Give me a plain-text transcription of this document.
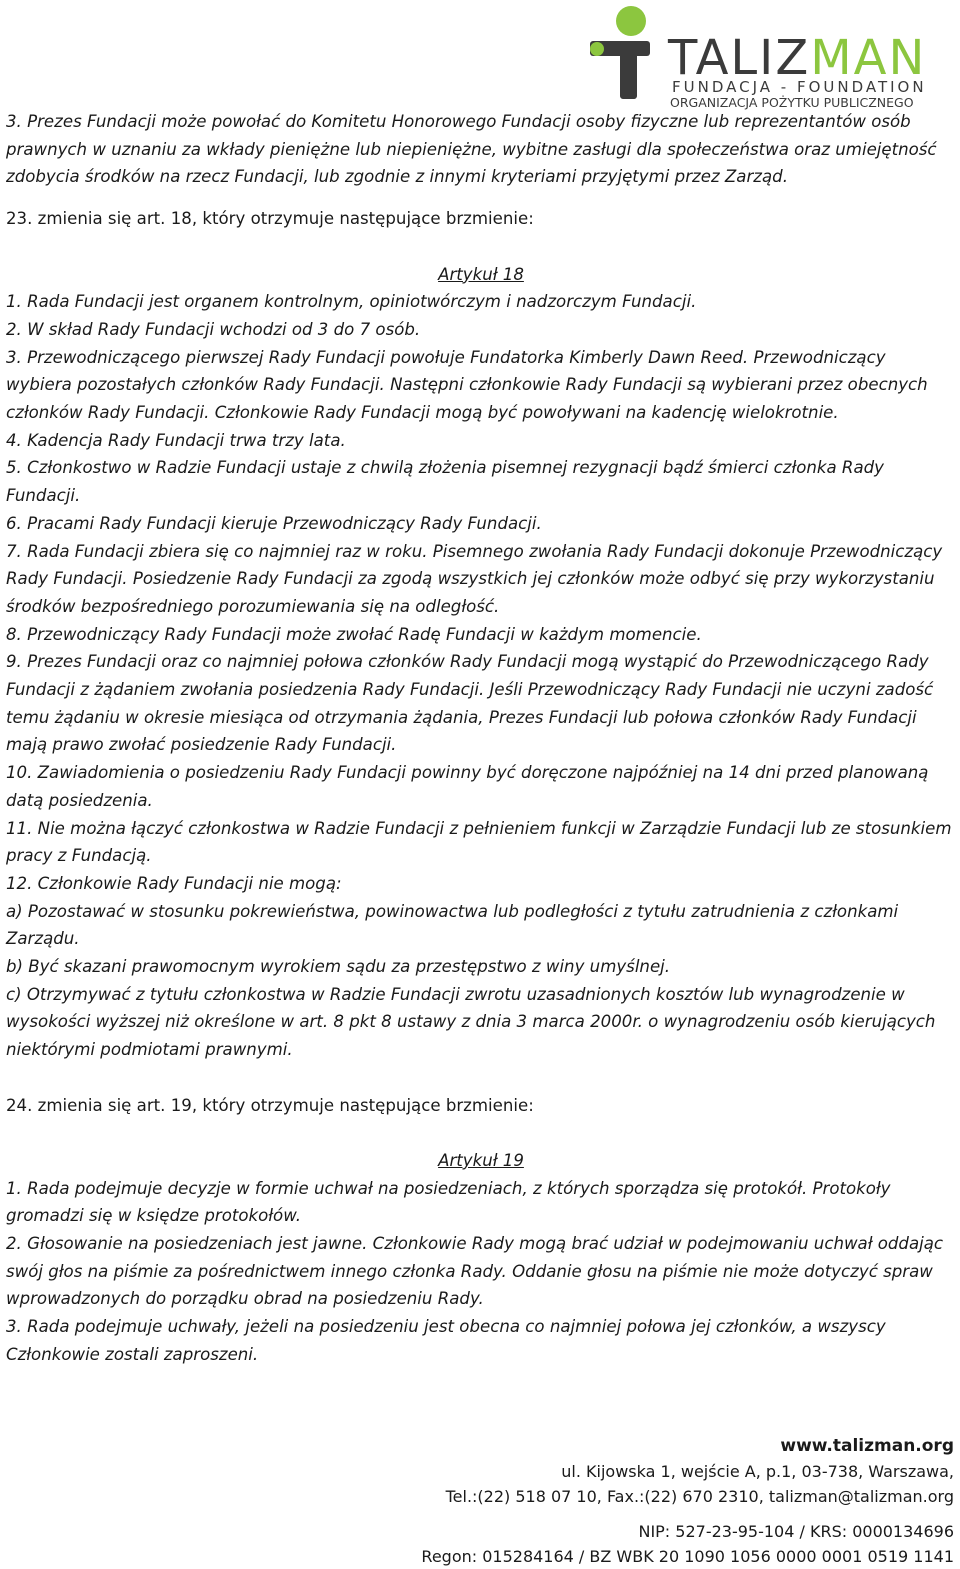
TALIZMAN
FUNDACJA - FOUNDATION
ORGANIZACJA POŻYTKU PUBLICZNEGO

3. Prezes Fundacji może powołać do Komitetu Honorowego Fundacji osoby fizyczne lub reprezentantów osób prawnych w uznaniu za wkłady pieniężne lub niepieniężne, wybitne zasługi dla społeczeństwa oraz umiejętność zdobycia środków na rzecz Fundacji, lub zgodnie z innymi kryteriami przyjętymi przez Zarząd.

23. zmienia się art. 18, który otrzymuje następujące brzmienie:

Artykuł 18

1. Rada Fundacji jest organem kontrolnym, opiniotwórczym i nadzorczym Fundacji.

2. W skład Rady Fundacji wchodzi od 3 do 7 osób.

3. Przewodniczącego pierwszej Rady Fundacji powołuje Fundatorka Kimberly Dawn Reed. Przewodniczący wybiera pozostałych członków Rady Fundacji. Następni członkowie Rady Fundacji są wybierani przez obecnych członków Rady Fundacji. Członkowie Rady Fundacji mogą być powoływani na kadencję wielokrotnie.

4. Kadencja Rady Fundacji trwa trzy lata.

5. Członkostwo w Radzie Fundacji ustaje z chwilą złożenia pisemnej rezygnacji bądź śmierci członka Rady Fundacji.

6. Pracami Rady Fundacji kieruje Przewodniczący Rady Fundacji.

7. Rada Fundacji zbiera się co najmniej raz w roku. Pisemnego zwołania Rady Fundacji dokonuje Przewodniczący Rady Fundacji. Posiedzenie Rady Fundacji za zgodą wszystkich jej członków może odbyć się przy wykorzystaniu środków bezpośredniego porozumiewania się na odległość.

8. Przewodniczący Rady Fundacji może zwołać Radę Fundacji w każdym momencie.

9. Prezes Fundacji oraz co najmniej połowa członków Rady Fundacji mogą wystąpić do Przewodniczącego Rady Fundacji z żądaniem zwołania posiedzenia Rady Fundacji. Jeśli Przewodniczący Rady Fundacji nie uczyni zadość temu żądaniu w okresie miesiąca od otrzymania żądania, Prezes Fundacji lub połowa członków Rady Fundacji mają prawo zwołać posiedzenie Rady Fundacji.

10. Zawiadomienia o posiedzeniu Rady Fundacji powinny być doręczone najpóźniej na 14 dni przed planowaną datą posiedzenia.

11. Nie można łączyć członkostwa w Radzie Fundacji z pełnieniem funkcji w Zarządzie Fundacji lub ze stosunkiem pracy z Fundacją.

12. Członkowie Rady Fundacji nie mogą:

a) Pozostawać w stosunku pokrewieństwa, powinowactwa lub podległości z tytułu zatrudnienia z członkami Zarządu.

b) Być skazani prawomocnym wyrokiem sądu za przestępstwo z winy umyślnej.

c) Otrzymywać z tytułu członkostwa w Radzie Fundacji zwrotu uzasadnionych kosztów lub wynagrodzenie w wysokości wyższej niż określone w art. 8 pkt 8 ustawy z dnia 3 marca 2000r. o wynagrodzeniu osób kierujących niektórymi podmiotami prawnymi.

24. zmienia się art. 19, który otrzymuje następujące brzmienie:

Artykuł 19

1. Rada podejmuje decyzje w formie uchwał na posiedzeniach, z których sporządza się protokół. Protokoły gromadzi się w księdze protokołów.

2. Głosowanie na posiedzeniach jest jawne. Członkowie Rady mogą brać udział w podejmowaniu uchwał oddając swój głos na piśmie za pośrednictwem innego członka Rady. Oddanie głosu na piśmie nie może dotyczyć spraw wprowadzonych do porządku obrad na posiedzeniu Rady.

3. Rada podejmuje uchwały, jeżeli na posiedzeniu jest obecna co najmniej połowa jej członków, a wszyscy Członkowie zostali zaproszeni.

www.talizman.org
ul. Kijowska 1, wejście A, p.1, 03-738, Warszawa,
Tel.:(22) 518 07 10, Fax.:(22) 670 2310, talizman@talizman.org
NIP: 527-23-95-104 / KRS: 0000134696
Regon: 015284164 / BZ WBK 20 1090 1056 0000 0001 0519 1141
